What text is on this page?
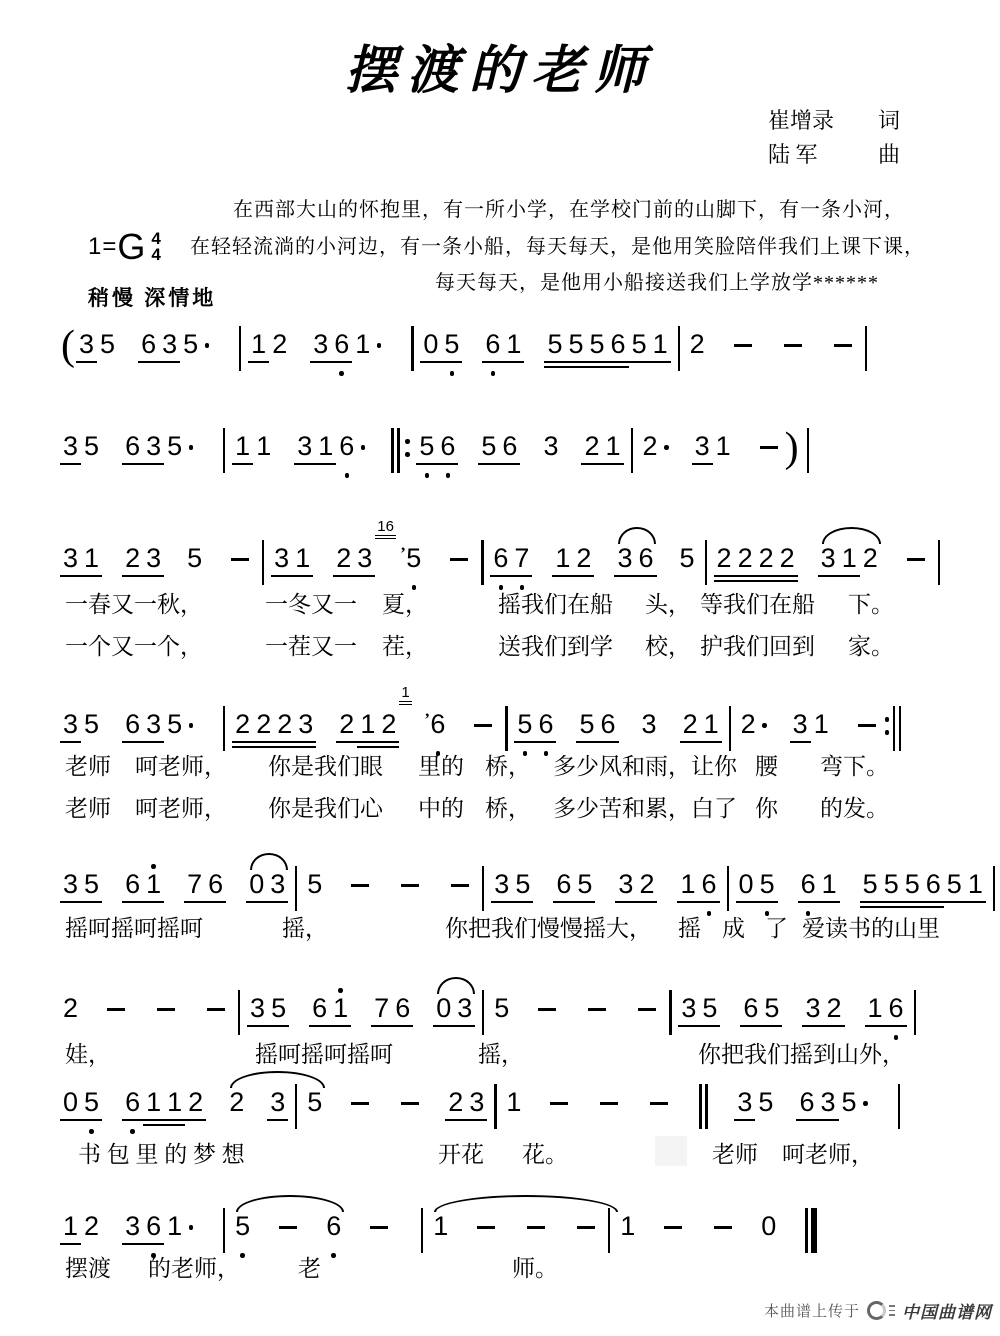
摆渡的老师
崔增录 词
陆 军	曲
在西部大山的怀抱里，有一所小学，在学校门前的山脚下，有一条小河，
在轻轻流淌的小河边，有一条小船，每天每天，是他用笑脸陪伴我们上课下课，
每天每天，是他用小船接送我们上学放学******
1 = G 4
4
稍慢 深情地
( 3 5 6 3 5 1 2 3 6 1 0 5 6 1 5 5 5 6 5 1 2
3 5 6 3 5 1 1 3 1 6 5 6 5 6 3 2 1 2 3 1 )
3 1 2 3 5	3 1 2 3
16
, 5	6 7 1 2 3 6 5 2 2 2 2 3 1 2
一春又一秋，	一冬又一 夏，	摇我们在船 头， 等我们在船 下。
一个又一个，	一茬又一 茬，	送我们到学 校， 护我们回到 家。
3 5 6 3 5 2 2 2 3 2 1 2
1
, 6	5 6 5 6 3 2 1 2 3 1
老师 呵老师， 你是我们眼 里的 桥， 多少风和雨，让你 腰 弯下。
老师 呵老师， 你是我们心 中的 桥， 多少苦和累，白了 你 的发。
3 5 6 1 7 6 0 3 5	3 5 6 5 3 2 1 6 0 5 6 1 5 5 5 6 5 1
摇呵摇呵摇呵	摇，	你把我们慢慢摇大， 摇 成 了 爱读书的山里
2	3 5 6 1 7 6 0 3 5	3 5 6 5 3 2 1 6
娃，	摇呵摇呵摇呵	摇，	你把我们摇到山外，
0 5 6 1 1 2 2 3 5	2 3 1	3 5 6 3 5
书 包 里 的 梦 想	开花 花。	老师 呵老师，
1 2 3 6 1 5	6	1	1	0
摆渡 的老师，	老	师。
本曲谱上传于 中国曲谱网
